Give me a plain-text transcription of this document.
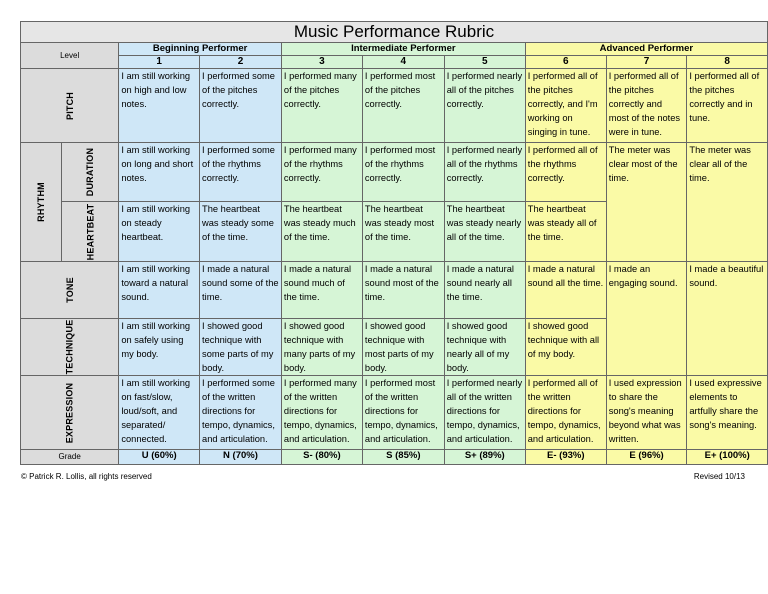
Music Performance Rubric									
Level		Beginning Performer		Intermediate Performer			Advanced Performer		
		1	2	3	4	5	6	7	8
PITCH		I am still working on high and low notes.	I performed some of the pitches correctly.	I performed many of the pitches correctly.	I performed most of the pitches correctly.	I performed nearly all of the pitches correctly.	I performed all of the pitches correctly, and I'm working on singing in tune.	I performed all of the pitches correctly and most of the notes were in tune.	I performed all of the pitches correctly and in tune.
RHYTHM	DURATION	I am still working on long and short notes.	I performed some of the rhythms correctly.	I performed many of the rhythms correctly.	I performed most of the rhythms correctly.	I performed nearly all of the rhythms correctly.	I performed all of the rhythms correctly.	The meter was clear most of the time.	The meter was clear all of the time.
	HEARTBEAT	I am still working on steady heartbeat.	The heartbeat was steady some of the time.	The heartbeat was steady much of the time.	The heartbeat was steady most of the time.	The heartbeat was steady nearly all of the time.	The heartbeat was steady all of the time.		
TONE		I am still working toward a natural sound.	I made a natural sound some of the time.	I made a natural sound much of the time.	I made a natural sound most of the time.	I made a natural sound nearly all the time.	I made a natural sound all the time.	I made an engaging sound.	I made a beautiful sound.
TECHNIQUE		I am still working on safely using my body.	I showed good technique with some parts of my body.	I showed good technique with many parts of my body.	I showed good technique with most parts of my body.	I showed good technique with nearly all of my body.	I showed good technique with all of my body.		
EXPRESSION		I am still working on fast/slow, loud/soft, and separated/ connected.	I performed some of the written directions for tempo, dynamics, and articulation.	I performed many of the written directions for tempo, dynamics, and articulation.	I performed most of the written directions for tempo, dynamics, and articulation.	I performed nearly all of the written directions for tempo, dynamics, and articulation.	I performed all of the written directions for tempo, dynamics, and articulation.	I used expression to share the song's meaning beyond what was written.	I used expressive elements to artfully share the song's meaning.
Grade		U (60%)	N (70%)	S- (80%)	S (85%)	S+ (89%)	E- (93%)	E (96%)	E+ (100%)
© Patrick R. Lollis, all rights reserved	Revised 10/13
